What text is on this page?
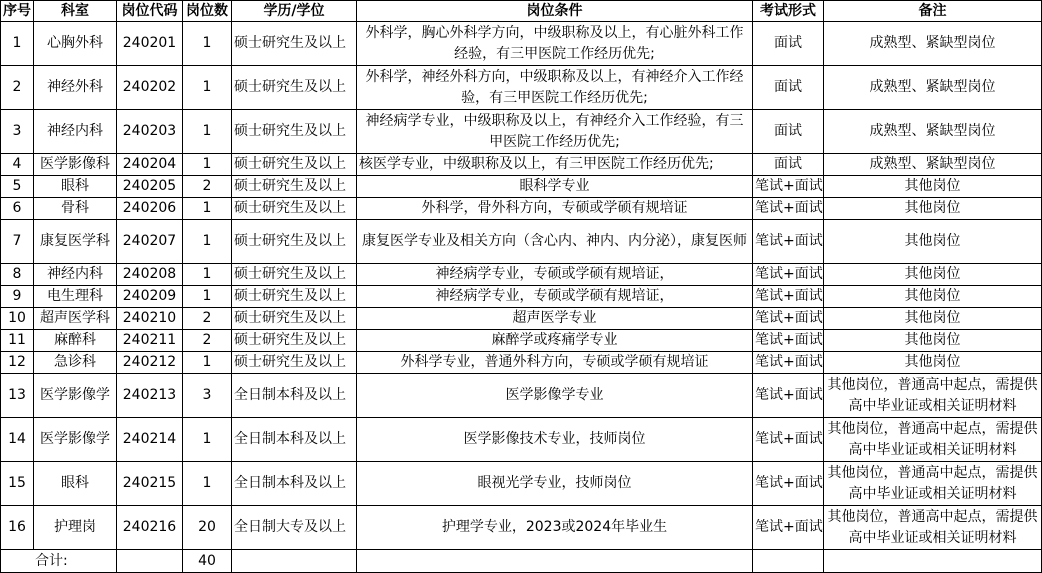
序号	科室	岗位代码	岗位数	学历/学位	岗位条件	考试形式	备注
1	心胸外科	240201	1	硕士研究生及以上	外科学，胸心外科学方向，中级职称及以上，有心脏外科工作经验，有三甲医院工作经历优先;	面试	成熟型、紧缺型岗位
2	神经外科	240202	1	硕士研究生及以上	外科学，神经外科方向，中级职称及以上，有神经介入工作经验，有三甲医院工作经历优先;	面试	成熟型、紧缺型岗位
3	神经内科	240203	1	硕士研究生及以上	神经病学专业，中级职称及以上，有神经介入工作经验，有三甲医院工作经历优先;	面试	成熟型、紧缺型岗位
4	医学影像科	240204	1	硕士研究生及以上	核医学专业，中级职称及以上，有三甲医院工作经历优先;	面试	成熟型、紧缺型岗位
5	眼科	240205	2	硕士研究生及以上	眼科学专业	笔试+面试	其他岗位
6	骨科	240206	1	硕士研究生及以上	外科学，骨外科方向，专硕或学硕有规培证	笔试+面试	其他岗位
7	康复医学科	240207	1	硕士研究生及以上	康复医学专业及相关方向（含心内、神内、内分泌），康复医师	笔试+面试	其他岗位
8	神经内科	240208	1	硕士研究生及以上	神经病学专业，专硕或学硕有规培证，	笔试+面试	其他岗位
9	电生理科	240209	1	硕士研究生及以上	神经病学专业，专硕或学硕有规培证，	笔试+面试	其他岗位
10	超声医学科	240210	2	硕士研究生及以上	超声医学专业	笔试+面试	其他岗位
11	麻醉科	240211	2	硕士研究生及以上	麻醉学或疼痛学专业	笔试+面试	其他岗位
12	急诊科	240212	1	硕士研究生及以上	外科学专业，普通外科方向，专硕或学硕有规培证	笔试+面试	其他岗位
13	医学影像学	240213	3	全日制本科及以上	医学影像学专业	笔试+面试	其他岗位，普通高中起点，需提供高中毕业证或相关证明材料
14	医学影像学	240214	1	全日制本科及以上	医学影像技术专业，技师岗位	笔试+面试	其他岗位，普通高中起点，需提供高中毕业证或相关证明材料
15	眼科	240215	1	全日制本科及以上	眼视光学专业，技师岗位	笔试+面试	其他岗位，普通高中起点，需提供高中毕业证或相关证明材料
16	护理岗	240216	20	全日制大专及以上	护理学专业，2023或2024年毕业生	笔试+面试	其他岗位，普通高中起点，需提供高中毕业证或相关证明材料
合计:			40				
